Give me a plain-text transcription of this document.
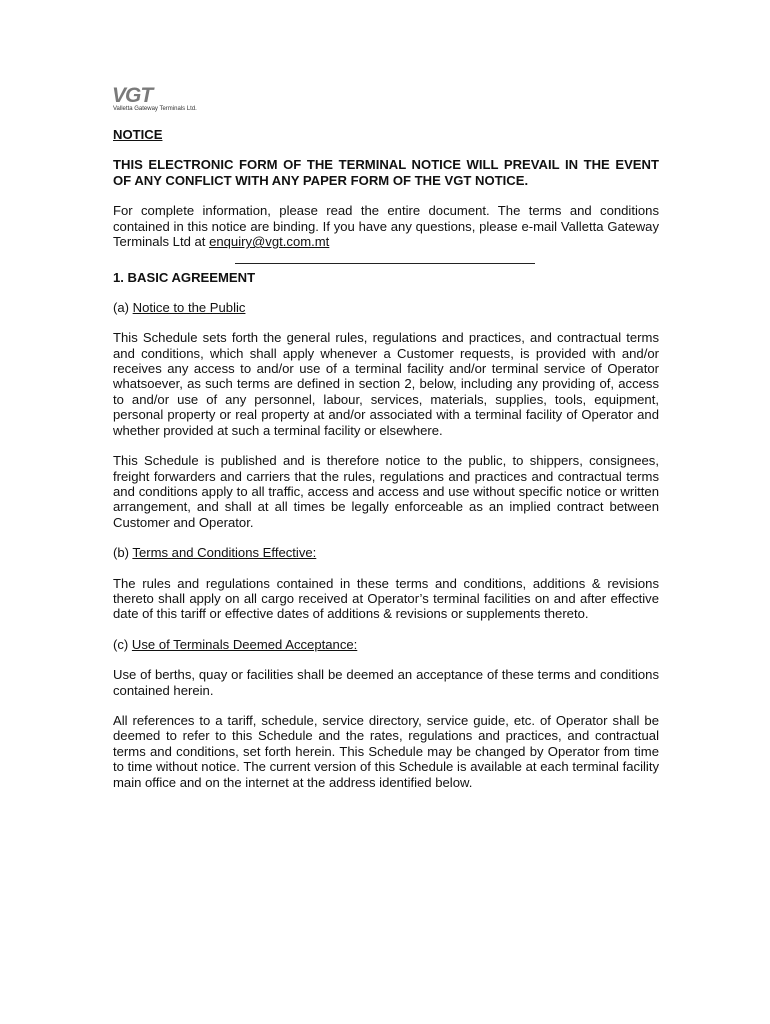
VGT
Valletta Gateway Terminals Ltd.

NOTICE

THIS ELECTRONIC FORM OF THE TERMINAL NOTICE WILL PREVAIL IN THE EVENT OF ANY CONFLICT WITH ANY PAPER FORM OF THE VGT NOTICE.

For complete information, please read the entire document. The terms and conditions contained in this notice are binding. If you have any questions, please e-mail Valletta Gateway Terminals Ltd at enquiry@vgt.com.mt

1. BASIC AGREEMENT

(a) Notice to the Public

This Schedule sets forth the general rules, regulations and practices, and contractual terms and conditions, which shall apply whenever a Customer requests, is provided with and/or receives any access to and/or use of a terminal facility and/or terminal service of Operator whatsoever, as such terms are defined in section 2, below, including any providing of, access to and/or use of any personnel, labour, services, materials, supplies, tools, equipment, personal property or real property at and/or associated with a terminal facility of Operator and whether provided at such a terminal facility or elsewhere.

This Schedule is published and is therefore notice to the public, to shippers, consignees, freight forwarders and carriers that the rules, regulations and practices and contractual terms and conditions apply to all traffic, access and access and use without specific notice or written arrangement, and shall at all times be legally enforceable as an implied contract between Customer and Operator.

(b) Terms and Conditions Effective:

The rules and regulations contained in these terms and conditions, additions & revisions thereto shall apply on all cargo received at Operator’s terminal facilities on and after effective date of this tariff or effective dates of additions & revisions or supplements thereto.

(c) Use of Terminals Deemed Acceptance:

Use of berths, quay or facilities shall be deemed an acceptance of these terms and conditions contained herein.

All references to a tariff, schedule, service directory, service guide, etc. of Operator shall be deemed to refer to this Schedule and the rates, regulations and practices, and contractual terms and conditions, set forth herein. This Schedule may be changed by Operator from time to time without notice. The current version of this Schedule is available at each terminal facility main office and on the internet at the address identified below.
